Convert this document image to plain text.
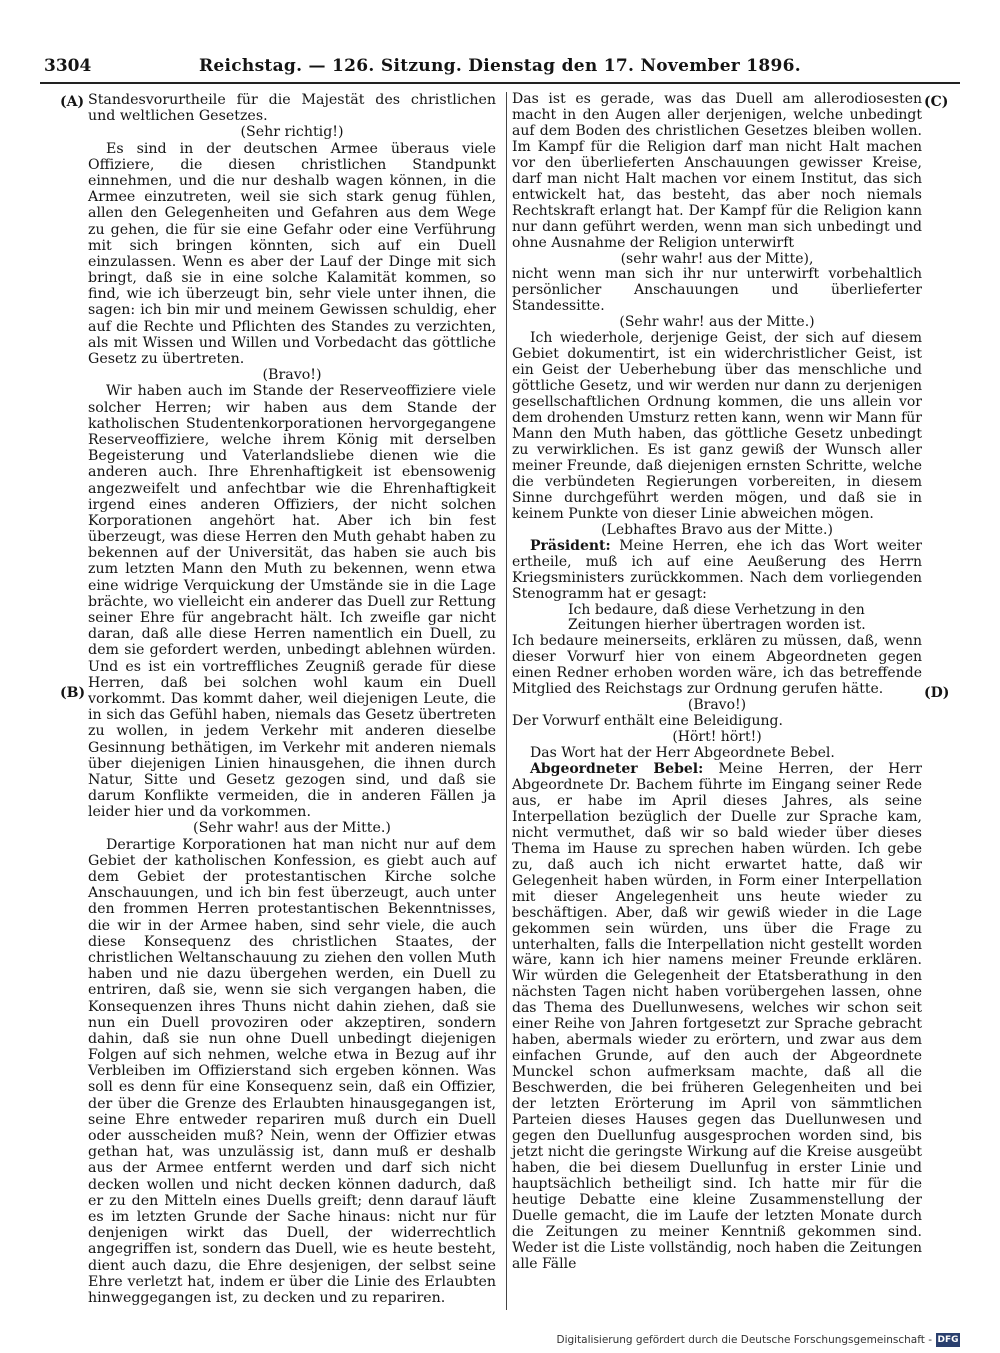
3304	Reichstag. — 126. Sitzung. Dienstag den 17. November 1896.
(A)
(B)
(C)
(D)

Standesvorurtheile für die Majestät des christlichen und weltlichen Gesetzes.

(Sehr richtig!)

Es sind in der deutschen Armee überaus viele Offiziere, die diesen christlichen Standpunkt einnehmen, und die nur deshalb wagen können, in die Armee einzutreten, weil sie sich stark genug fühlen, allen den Gelegenheiten und Gefahren aus dem Wege zu gehen, die für sie eine Gefahr oder eine Verführung mit sich bringen könnten, sich auf ein Duell einzulassen. Wenn es aber der Lauf der Dinge mit sich bringt, daß sie in eine solche Kalamität kommen, so find, wie ich überzeugt bin, sehr viele unter ihnen, die sagen: ich bin mir und meinem Gewissen schuldig, eher auf die Rechte und Pflichten des Standes zu verzichten, als mit Wissen und Willen und Vorbedacht das göttliche Gesetz zu übertreten.

(Bravo!)

Wir haben auch im Stande der Reserveoffiziere viele solcher Herren; wir haben aus dem Stande der katholischen Studentenkorporationen hervorgegangene Reserveoffiziere, welche ihrem König mit derselben Begeisterung und Vaterlandsliebe dienen wie die anderen auch. Ihre Ehrenhaftigkeit ist ebensowenig angezweifelt und anfechtbar wie die Ehrenhaftigkeit irgend eines anderen Offiziers, der nicht solchen Korporationen angehört hat. Aber ich bin fest überzeugt, was diese Herren den Muth gehabt haben zu bekennen auf der Universität, das haben sie auch bis zum letzten Mann den Muth zu bekennen, wenn etwa eine widrige Verquickung der Umstände sie in die Lage brächte, wo vielleicht ein anderer das Duell zur Rettung seiner Ehre für angebracht hält. Ich zweifle gar nicht daran, daß alle diese Herren namentlich ein Duell, zu dem sie gefordert werden, unbedingt ablehnen würden. Und es ist ein vortreffliches Zeugniß gerade für diese Herren, daß bei solchen wohl kaum ein Duell vorkommt. Das kommt daher, weil diejenigen Leute, die in sich das Gefühl haben, niemals das Gesetz übertreten zu wollen, in jedem Verkehr mit anderen dieselbe Gesinnung bethätigen, im Verkehr mit anderen niemals über diejenigen Linien hinausgehen, die ihnen durch Natur, Sitte und Gesetz gezogen sind, und daß sie darum Konflikte vermeiden, die in anderen Fällen ja leider hier und da vorkommen.

(Sehr wahr! aus der Mitte.)

Derartige Korporationen hat man nicht nur auf dem Gebiet der katholischen Konfession, es giebt auch auf dem Gebiet der protestantischen Kirche solche Anschauungen, und ich bin fest überzeugt, auch unter den frommen Herren protestantischen Bekenntnisses, die wir in der Armee haben, sind sehr viele, die auch diese Konsequenz des christlichen Staates, der christlichen Weltanschauung zu ziehen den vollen Muth haben und nie dazu übergehen werden, ein Duell zu entriren, daß sie, wenn sie sich vergangen haben, die Konsequenzen ihres Thuns nicht dahin ziehen, daß sie nun ein Duell provoziren oder akzeptiren, sondern dahin, daß sie nun ohne Duell unbedingt diejenigen Folgen auf sich nehmen, welche etwa in Bezug auf ihr Verbleiben im Offizierstand sich ergeben können. Was soll es denn für eine Konsequenz sein, daß ein Offizier, der über die Grenze des Erlaubten hinausgegangen ist, seine Ehre entweder repariren muß durch ein Duell oder ausscheiden muß? Nein, wenn der Offizier etwas gethan hat, was unzulässig ist, dann muß er deshalb aus der Armee entfernt werden und darf sich nicht decken wollen und nicht decken können dadurch, daß er zu den Mitteln eines Duells greift; denn darauf läuft es im letzten Grunde der Sache hinaus: nicht nur für denjenigen wirkt das Duell, der widerrechtlich angegriffen ist, sondern das Duell, wie es heute besteht, dient auch dazu, die Ehre desjenigen, der selbst seine Ehre verletzt hat, indem er über die Linie des Erlaubten hinweggegangen ist, zu decken und zu repariren.

Das ist es gerade, was das Duell am allerodiosesten macht in den Augen aller derjenigen, welche unbedingt auf dem Boden des christlichen Gesetzes bleiben wollen. Im Kampf für die Religion darf man nicht Halt machen vor den überlieferten Anschauungen gewisser Kreise, darf man nicht Halt machen vor einem Institut, das sich entwickelt hat, das besteht, das aber noch niemals Rechtskraft erlangt hat. Der Kampf für die Religion kann nur dann geführt werden, wenn man sich unbedingt und ohne Ausnahme der Religion unterwirft

(sehr wahr! aus der Mitte),

nicht wenn man sich ihr nur unterwirft vorbehaltlich persönlicher Anschauungen und überlieferter Standessitte.

(Sehr wahr! aus der Mitte.)

Ich wiederhole, derjenige Geist, der sich auf diesem Gebiet dokumentirt, ist ein widerchristlicher Geist, ist ein Geist der Ueberhebung über das menschliche und göttliche Gesetz, und wir werden nur dann zu derjenigen gesellschaftlichen Ordnung kommen, die uns allein vor dem drohenden Umsturz retten kann, wenn wir Mann für Mann den Muth haben, das göttliche Gesetz unbedingt zu verwirklichen. Es ist ganz gewiß der Wunsch aller meiner Freunde, daß diejenigen ernsten Schritte, welche die verbündeten Regierungen vorbereiten, in diesem Sinne durchgeführt werden mögen, und daß sie in keinem Punkte von dieser Linie abweichen mögen.

(Lebhaftes Bravo aus der Mitte.)

Präsident: Meine Herren, ehe ich das Wort weiter ertheile, muß ich auf eine Aeußerung des Herrn Kriegsministers zurückkommen. Nach dem vorliegenden Stenogramm hat er gesagt:

Ich bedaure, daß diese Verhetzung in den Zeitungen hierher übertragen worden ist.

Ich bedaure meinerseits, erklären zu müssen, daß, wenn dieser Vorwurf hier von einem Abgeordneten gegen einen Redner erhoben worden wäre, ich das betreffende Mitglied des Reichstags zur Ordnung gerufen hätte.

(Bravo!)

Der Vorwurf enthält eine Beleidigung.

(Hört! hört!)

Das Wort hat der Herr Abgeordnete Bebel.

Abgeordneter Bebel: Meine Herren, der Herr Abgeordnete Dr. Bachem führte im Eingang seiner Rede aus, er habe im April dieses Jahres, als seine Interpellation bezüglich der Duelle zur Sprache kam, nicht vermuthet, daß wir so bald wieder über dieses Thema im Hause zu sprechen haben würden. Ich gebe zu, daß auch ich nicht erwartet hatte, daß wir Gelegenheit haben würden, in Form einer Interpellation mit dieser Angelegenheit uns heute wieder zu beschäftigen. Aber, daß wir gewiß wieder in die Lage gekommen sein würden, uns über die Frage zu unterhalten, falls die Interpellation nicht gestellt worden wäre, kann ich hier namens meiner Freunde erklären. Wir würden die Gelegenheit der Etatsberathung in den nächsten Tagen nicht haben vorübergehen lassen, ohne das Thema des Duellunwesens, welches wir schon seit einer Reihe von Jahren fortgesetzt zur Sprache gebracht haben, abermals wieder zu erörtern, und zwar aus dem einfachen Grunde, auf den auch der Abgeordnete Munckel schon aufmerksam machte, daß all die Beschwerden, die bei früheren Gelegenheiten und bei der letzten Erörterung im April von sämmtlichen Parteien dieses Hauses gegen das Duellunwesen und gegen den Duellunfug ausgesprochen worden sind, bis jetzt nicht die geringste Wirkung auf die Kreise ausgeübt haben, die bei diesem Duellunfug in erster Linie und hauptsächlich betheiligt sind. Ich hatte mir für die heutige Debatte eine kleine Zusammenstellung der Duelle gemacht, die im Laufe der letzten Monate durch die Zeitungen zu meiner Kenntniß gekommen sind. Weder ist die Liste vollständig, noch haben die Zeitungen alle Fälle

Digitalisierung gefördert durch die Deutsche Forschungsgemeinschaft - DFG
